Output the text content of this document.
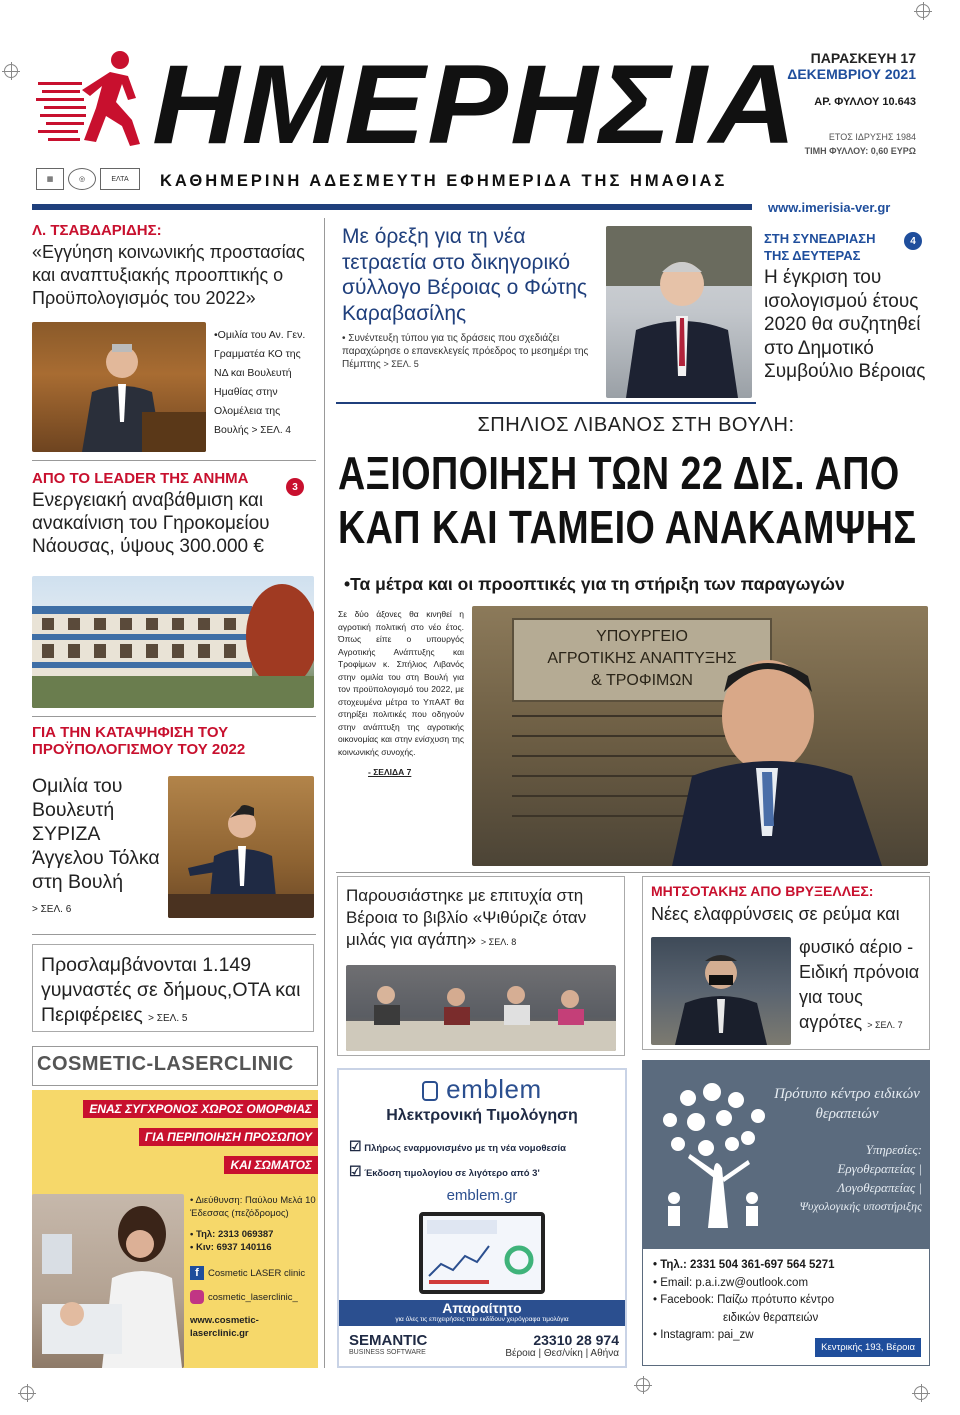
ΗΜΕΡΗΣΙΑ
▦	◎	ΕΛΤΑ	ΚΑΘΗΜΕΡΙΝΗ ΑΔΕΣΜΕΥΤΗ ΕΦΗΜΕΡΙΔΑ ΤΗΣ ΗΜΑΘΙΑΣ
ΠΑΡΑΣΚΕΥΗ 17
ΔΕΚΕΜΒΡΙΟΥ 2021
ΑΡ. ΦΥΛΛΟΥ 10.643
ΕΤΟΣ ΙΔΡΥΣΗΣ 1984
ΤΙΜΗ ΦΥΛΛΟΥ: 0,60 ΕΥΡΩ
www.imerisia-ver.gr
Λ. ΤΣΑΒΔΑΡΙΔΗΣ:
«Εγγύηση κοινωνικής προστασίας και αναπτυξιακής προοπτικής ο Προϋπολογισμός του 2022»
•Ομιλία του Αν. Γεν. Γραμματέα ΚΟ της ΝΔ και Βουλευτή Ημαθίας στην Ολομέλεια της Βουλής > ΣΕΛ. 4
ΑΠΟ ΤΟ LEADER ΤΗΣ ΑΝΗΜΑ
Ενεργειακή αναβάθμιση και ανακαίνιση του Γηροκομείου Νάουσας, ύψους 300.000 €
3
ΓΙΑ ΤΗΝ ΚΑΤΑΨΗΦΙΣΗ ΤΟΥ
ΠΡΟΫΠΟΛΟΓΙΣΜΟΥ ΤΟΥ 2022
Ομιλία του Βουλευτή ΣΥΡΙΖΑ Άγγελου Τόλκα στη Βουλή > ΣΕΛ. 6
Προσλαμβάνονται 1.149 γυμναστές σε δήμους,ΟΤΑ και Περιφέρειες > ΣΕΛ. 5
Με όρεξη για τη νέα τετραετία στο δικηγορικό σύλλογο Βέροιας ο Φώτης Καραβασίλης
• Συνέντευξη τύπου για τις δράσεις που σχεδιάζει παραχώρησε ο επανεκλεγείς πρόεδρος το μεσημέρι της Πέμπτης > ΣΕΛ. 5
ΣΤΗ ΣΥΝΕΔΡΙΑΣΗ ΤΗΣ ΔΕΥΤΕΡΑΣ
Η έγκριση του ισολογισμού έτους 2020 θα συζητηθεί στο Δημοτικό Συμβούλιο Βέροιας
4
ΣΠΗΛΙΟΣ ΛΙΒΑΝΟΣ ΣΤΗ ΒΟΥΛΗ:
ΑΞΙΟΠΟΙΗΣΗ ΤΩΝ 22 ΔΙΣ. ΑΠΟ
ΚΑΠ ΚΑΙ ΤΑΜΕΙΟ ΑΝΑΚΑΜΨΗΣ
•Τα μέτρα και οι προοπτικές για τη στήριξη των παραγωγών
Σε δύο άξονες θα κινηθεί η αγροτική πολιτική στο νέο έτος. Όπως είπε ο υπουργός Αγροτικής Ανάπτυξης και Τροφίμων κ. Σπήλιος Λιβανός στην ομιλία του στη Βουλή για τον προϋπολογισμό του 2022, με στοχευμένα μέτρα το ΥπΑΑΤ θα στηρίξει πολιτικές που οδηγούν στην ανάπτυξη της αγροτικής οικονομίας και στην ενίσχυση της κοινωνικής συνοχής.
- ΣΕΛΙΔΑ 7
ΥΠΟΥΡΓΕΙΟ
ΑΓΡΟΤΙΚΗΣ ΑΝΑΠΤΥΞΗΣ
& ΤΡΟΦΙΜΩΝ
Παρουσιάστηκε με επιτυχία στη Βέροια το βιβλίο «Ψιθύριζε όταν μιλάς για αγάπη» > ΣΕΛ. 8
ΜΗΤΣΟΤΑΚΗΣ ΑΠΟ ΒΡΥΞΕΛΛΕΣ:
Νέες ελαφρύνσεις σε ρεύμα και
φυσικό αέριο - Ειδική πρόνοια για τους αγρότες > ΣΕΛ. 7
COSMETIC-LASERCLINIC
ΕΝΑΣ ΣΥΓΧΡΟΝΟΣ ΧΩΡΟΣ ΟΜΟΡΦΙΑΣ
ΓΙΑ ΠΕΡΙΠΟΙΗΣΗ ΠΡΟΣΩΠΟΥ
ΚΑΙ ΣΩΜΑΤΟΣ
• Διεύθυνση: Παύλου Μελά 10 Έδεσσας (πεζόδρομος)
• Τηλ: 2313 069387
• Κιν: 6937 140116
f Cosmetic LASER clinic
cosmetic_laserclinic_
www.cosmetic-laserclinic.gr
emblem
Ηλεκτρονική Τιμολόγηση
☑ Πλήρως εναρμονισμένο με τη νέα νομοθεσία
☑ Έκδοση τιμολογίου σε λιγότερο από 3'
emblem.gr
Απαραίτητο
για όλες τις επιχειρήσεις που εκδίδουν χειρόγραφα τιμολόγια
SEMANTIC
BUSINESS SOFTWARE
23310 28 974
Βέροια | Θεσ/νίκη | Αθήνα
Πρότυπο κέντρο ειδικών θεραπειών
Υπηρεσίες:
Εργοθεραπείας |
Λογοθεραπείας |
Ψυχολογικής υποστήριξης
• Τηλ.: 2331 504 361-697 564 5271
• Email: p.a.i.zw@outlook.com
• Facebook: Παίζω πρότυπο κέντρο
ειδικών θεραπειών
• Instagram: pai_zw
Κεντρικής 193, Βέροια
